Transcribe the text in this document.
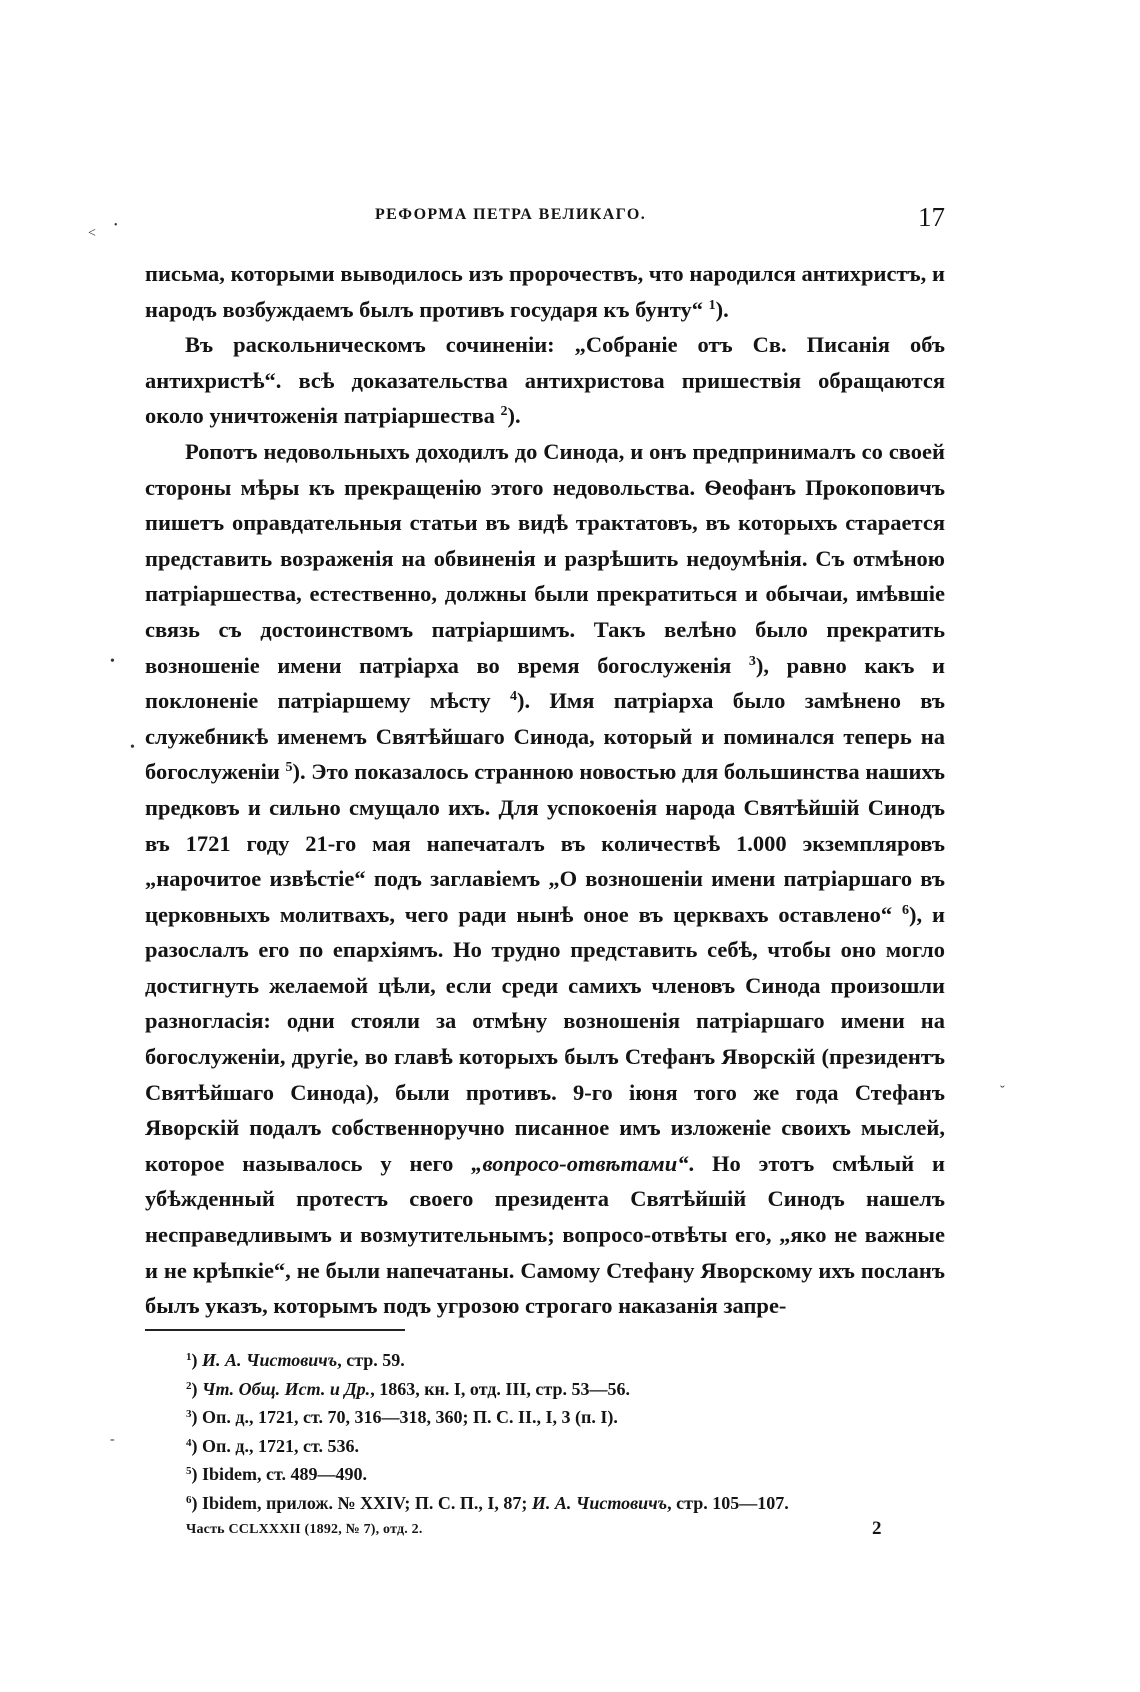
РЕФОРМА ПЕТРА ВЕЛИКАГО.	17

письма, которыми выводилось изъ пророчествъ, что народился антихристъ, и народъ возбуждаемъ былъ противъ государя къ бунту“ $^1$).

Въ раскольническомъ сочиненіи: „Собраніе отъ Св. Писанія объ антихристѣ“. всѣ доказательства антихристова пришествія обращаются около уничтоженія патріаршества $^2$).

Ропотъ недовольныхъ доходилъ до Синода, и онъ предпринималъ со своей стороны мѣры къ прекращенію этого недовольства. Ѳеофанъ Прокоповичъ пишетъ оправдательныя статьи въ видѣ трактатовъ, въ которыхъ старается представить возраженія на обвиненія и разрѣшить недоумѣнія. Съ отмѣною патріаршества, естественно, должны были прекратиться и обычаи, имѣвшіе связь съ достоинствомъ патріаршимъ. Такъ велѣно было прекратить возношеніе имени патріарха во время богослуженія $^3$), равно какъ и поклоненіе патріаршему мѣсту $^4$). Имя патріарха было замѣнено въ служебникѣ именемъ Святѣйшаго Синода, который и поминался теперь на богослуженіи $^5$). Это показалось странною новостью для большинства нашихъ предковъ и сильно смущало ихъ. Для успокоенія народа Святѣйшій Синодъ въ 1721 году 21-го мая напечаталъ въ количествѣ 1.000 экземпляровъ „нарочитое извѣстіе“ подъ заглавіемъ „О возношеніи имени патріаршаго въ церковныхъ молитвахъ, чего ради нынѣ оное въ церквахъ оставлено“ $^6$), и разослалъ его по епархіямъ. Но трудно представить себѣ, чтобы оно могло достигнуть желаемой цѣли, если среди самихъ членовъ Синода произошли разногласія: одни стояли за отмѣну возношенія патріаршаго имени на богослуженіи, другіе, во главѣ которыхъ былъ Стефанъ Яворскій (президентъ Святѣйшаго Синода), были противъ. 9-го іюня того же года Стефанъ Яворскій подалъ собственноручно писанное имъ изложеніе своихъ мыслей, которое называлось у него „вопросо-отвѣтами“. Но этотъ смѣлый и убѣжденный протестъ своего президента Святѣйшій Синодъ нашелъ несправедливымъ и возмутительнымъ; вопросо-отвѣты его, „яко не важные и не крѣпкіе“, не были напечатаны. Самому Стефану Яворскому ихъ посланъ былъ указъ, которымъ подъ угрозою строгаго наказанія запре-

$^1$) И. А. Чистовичъ, стр. 59.
$^2$) Чт. Общ. Ист. и Др., 1863, кн. I, отд. III, стр. 53—56.
$^3$) Оп. д., 1721, ст. 70, 316—318, 360; П. С. II., I, 3 (п. I).
$^4$) Оп. д., 1721, ст. 536.
$^5$) Ibidem, ст. 489—490.
$^6$) Ibidem, прилож. № XXIV; П. С. П., I, 87; И. А. Чистовичъ, стр. 105—107.
Часть CCLXXXII (1892, № 7), отд. 2.	2
˂
•
•
•
ˇ
-
